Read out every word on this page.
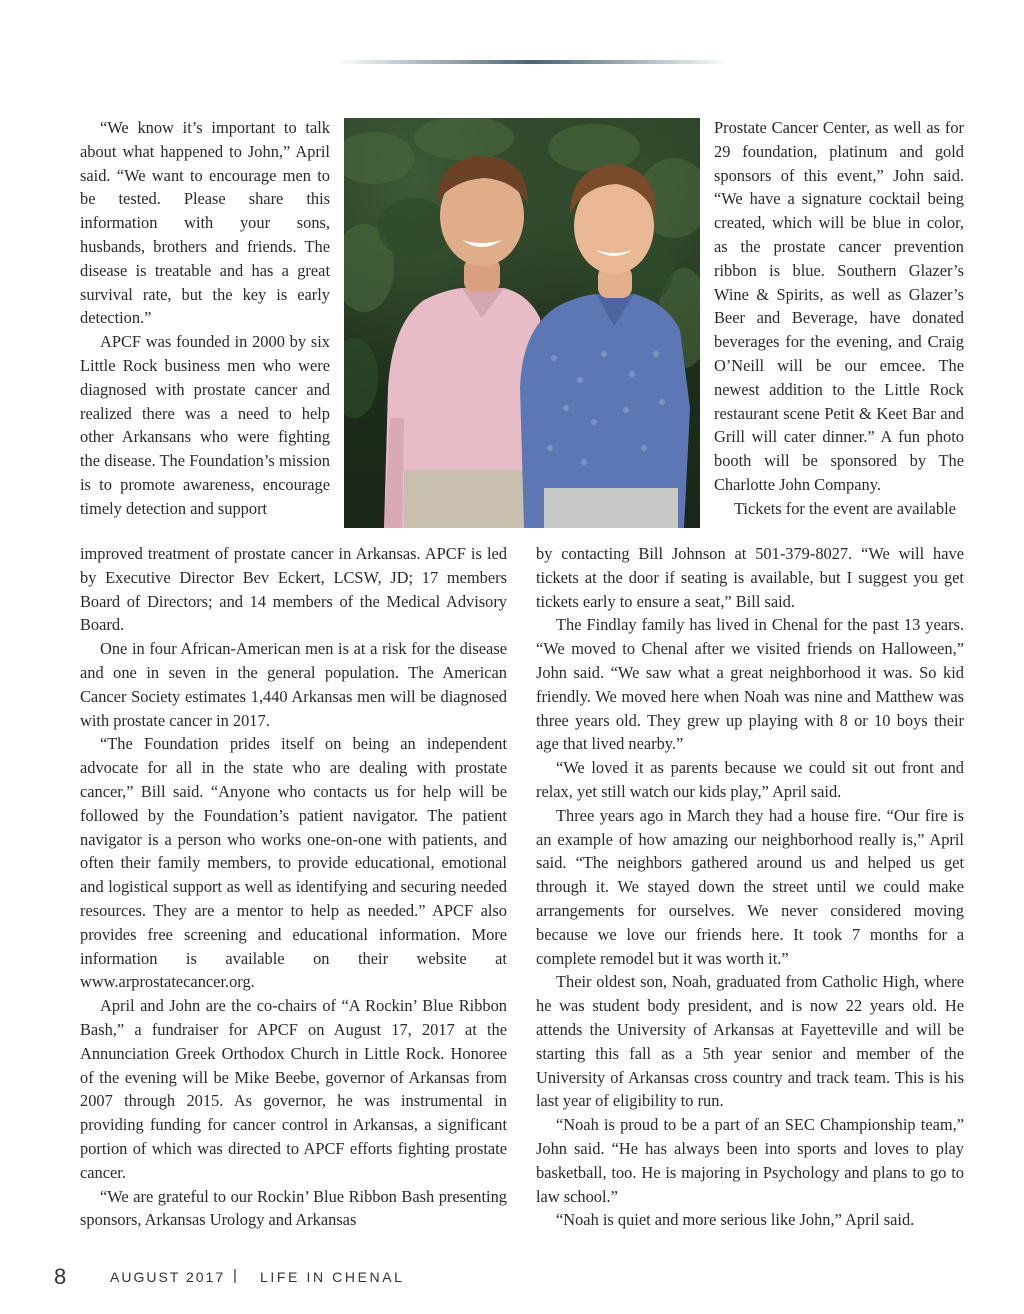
“We know it’s important to talk about what happened to John,” April said. “We want to encourage men to be tested. Please share this information with your sons, husbands, brothers and friends. The disease is treatable and has a great survival rate, but the key is early detection.”

APCF was founded in 2000 by six Little Rock business men who were diagnosed with prostate cancer and realized there was a need to help other Arkansans who were fighting the disease. The Foundation’s mission is to promote awareness, encourage timely detection and support

Prostate Cancer Center, as well as for 29 foundation, platinum and gold sponsors of this event,” John said. “We have a signature cocktail being created, which will be blue in color, as the prostate cancer prevention ribbon is blue. Southern Glazer’s Wine & Spirits, as well as Glazer’s Beer and Beverage, have donated beverages for the evening, and Craig O’Neill will be our emcee. The newest addition to the Little Rock restaurant scene Petit & Keet Bar and Grill will cater dinner.” A fun photo booth will be sponsored by The Charlotte John Company.

Tickets for the event are available

improved treatment of prostate cancer in Arkansas. APCF is led by Executive Director Bev Eckert, LCSW, JD; 17 members Board of Directors; and 14 members of the Medical Advisory Board.

One in four African-American men is at a risk for the disease and one in seven in the general population. The American Cancer Society estimates 1,440 Arkansas men will be diagnosed with prostate cancer in 2017.

“The Foundation prides itself on being an independent advocate for all in the state who are dealing with prostate cancer,” Bill said. “Anyone who contacts us for help will be followed by the Foundation’s patient navigator. The patient navigator is a person who works one-on-one with patients, and often their family members, to provide educational, emotional and logistical support as well as identifying and securing needed resources. They are a mentor to help as needed.” APCF also provides free screening and educational information. More information is available on their website at www.arprostatecancer.org.

April and John are the co-chairs of “A Rockin’ Blue Ribbon Bash,” a fundraiser for APCF on August 17, 2017 at the Annunciation Greek Orthodox Church in Little Rock. Honoree of the evening will be Mike Beebe, governor of Arkansas from 2007 through 2015. As governor, he was instrumental in providing funding for cancer control in Arkansas, a significant portion of which was directed to APCF efforts fighting prostate cancer.

“We are grateful to our Rockin’ Blue Ribbon Bash presenting sponsors, Arkansas Urology and Arkansas

by contacting Bill Johnson at 501-379-8027. “We will have tickets at the door if seating is available, but I suggest you get tickets early to ensure a seat,” Bill said.

The Findlay family has lived in Chenal for the past 13 years. “We moved to Chenal after we visited friends on Halloween,” John said. “We saw what a great neighborhood it was. So kid friendly. We moved here when Noah was nine and Matthew was three years old. They grew up playing with 8 or 10 boys their age that lived nearby.”

“We loved it as parents because we could sit out front and relax, yet still watch our kids play,” April said.

Three years ago in March they had a house fire. “Our fire is an example of how amazing our neighborhood really is,” April said. “The neighbors gathered around us and helped us get through it. We stayed down the street until we could make arrangements for ourselves. We never considered moving because we love our friends here. It took 7 months for a complete remodel but it was worth it.”

Their oldest son, Noah, graduated from Catholic High, where he was student body president, and is now 22 years old. He attends the University of Arkansas at Fayetteville and will be starting this fall as a 5th year senior and member of the University of Arkansas cross country and track team. This is his last year of eligibility to run.

“Noah is proud to be a part of an SEC Championship team,” John said. “He has always been into sports and loves to play basketball, too. He is majoring in Psychology and plans to go to law school.”

“Noah is quiet and more serious like John,” April said.

8	AUGUST 2017 | LIFE IN CHENAL
